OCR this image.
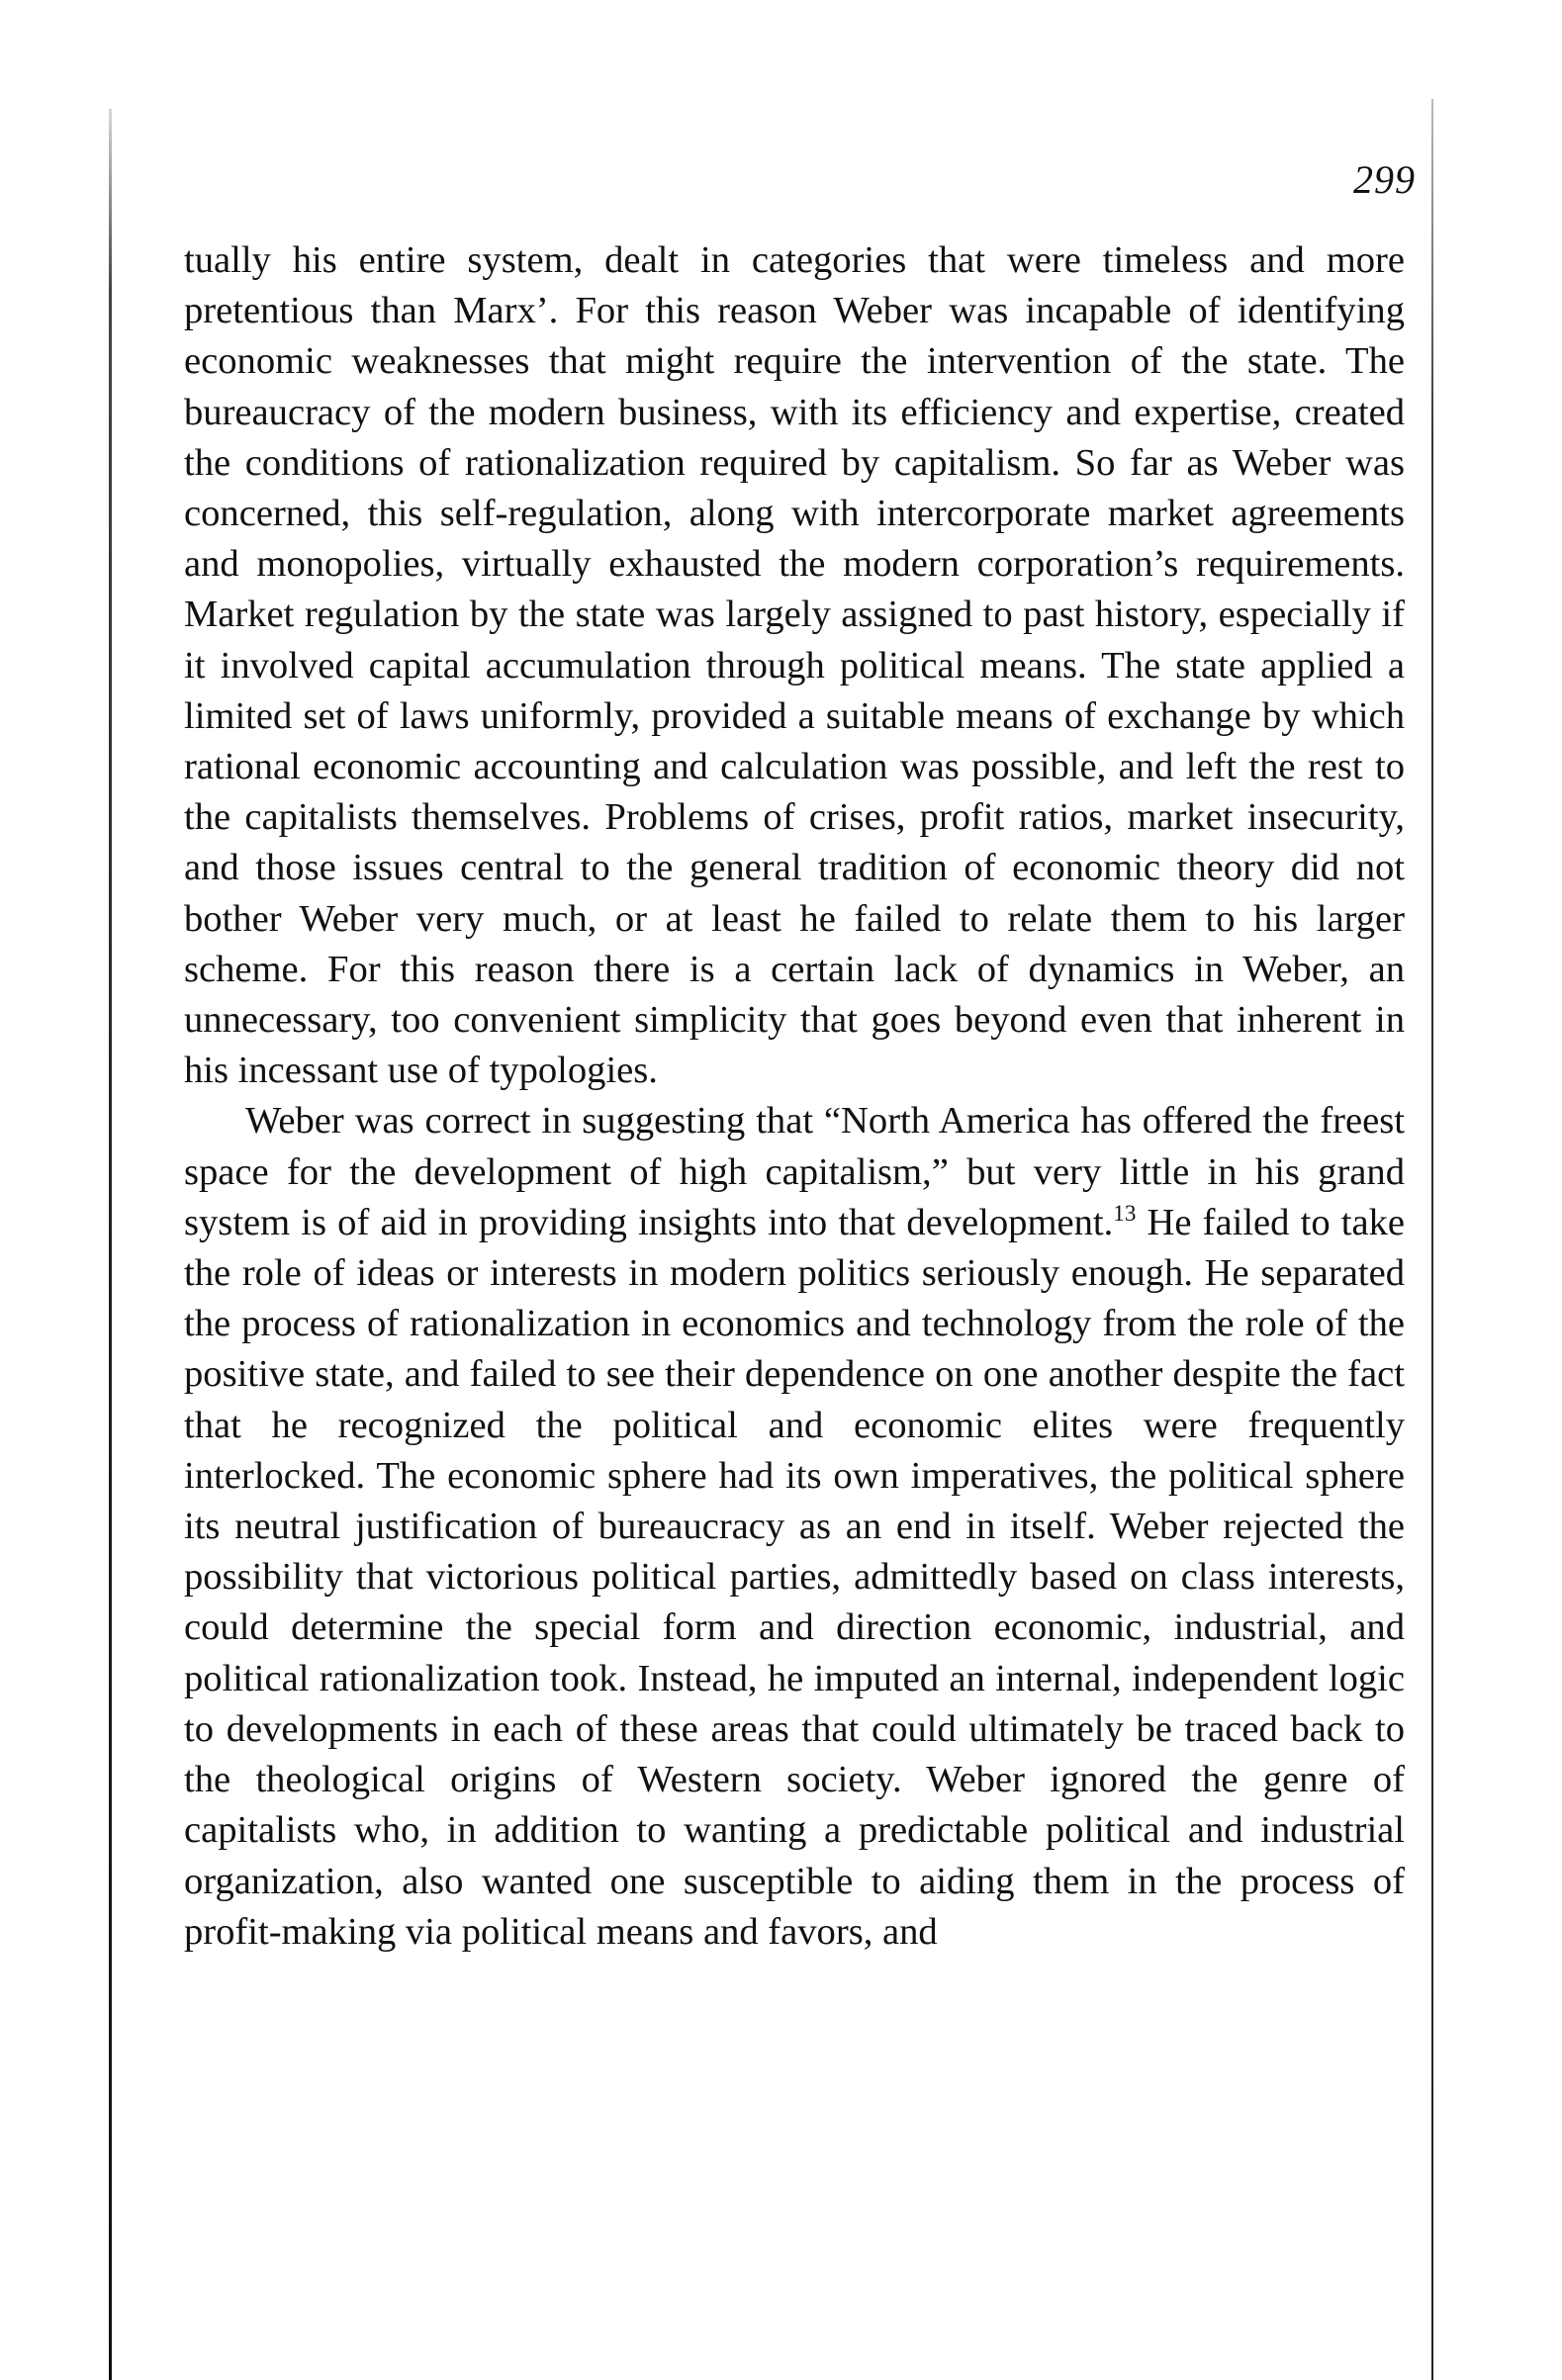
299

tually his entire system, dealt in categories that were timeless and more pretentious than Marx’. For this reason Weber was incapable of identifying economic weaknesses that might require the intervention of the state. The bureaucracy of the modern business, with its efficiency and expertise, created the conditions of rationalization required by capitalism. So far as Weber was concerned, this self-regulation, along with intercorporate market agreements and monopolies, virtually exhausted the modern corporation’s requirements. Market regulation by the state was largely assigned to past history, especially if it involved capital accumulation through political means. The state applied a limited set of laws uniformly, provided a suitable means of exchange by which rational economic accounting and calculation was possible, and left the rest to the capitalists themselves. Problems of crises, profit ratios, market insecurity, and those issues central to the general tradition of economic theory did not bother Weber very much, or at least he failed to relate them to his larger scheme. For this reason there is a certain lack of dynamics in Weber, an unnecessary, too convenient simplicity that goes beyond even that inherent in his incessant use of typologies.

Weber was correct in suggesting that “North America has offered the freest space for the development of high capitalism,” but very little in his grand system is of aid in providing insights into that development.$^{13}$ He failed to take the role of ideas or interests in modern politics seriously enough. He separated the process of rationalization in economics and technology from the role of the positive state, and failed to see their dependence on one another despite the fact that he recognized the political and economic elites were frequently interlocked. The economic sphere had its own imperatives, the political sphere its neutral justification of bureaucracy as an end in itself. Weber rejected the possibility that victorious political parties, admittedly based on class interests, could determine the special form and direction economic, industrial, and political rationalization took. Instead, he imputed an internal, independent logic to developments in each of these areas that could ultimately be traced back to the theological origins of Western society. Weber ignored the genre of capitalists who, in addition to wanting a predictable political and industrial organization, also wanted one susceptible to aiding them in the process of profit-making via political means and favors, and
